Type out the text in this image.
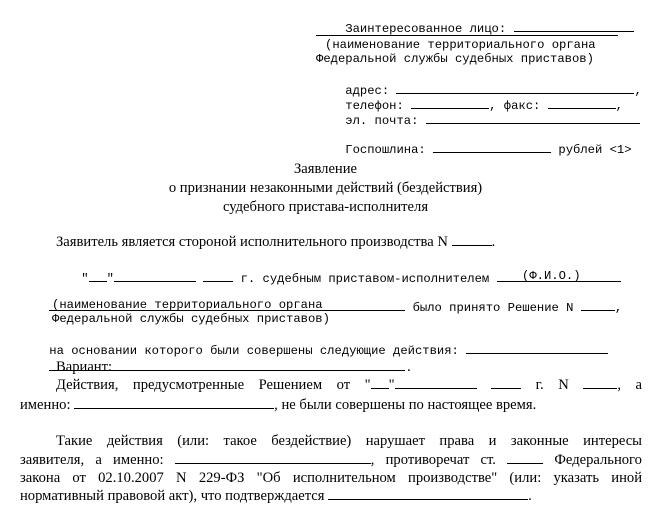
Заинтересованное лицо:

(наименование территориального органа
Федеральной службы судебных приставов)

адрес:	,

телефон:	, факс:	,

эл. почта:

Госпошлина:	рублей <1>

Заявление
о признании незаконными действий (бездействия)
судебного пристава-исполнителя
Заявитель является стороной исполнительного производства N	.

" "	г. судебным приставом-исполнителем
	(Ф.И.О.)

было принято Решение N	,

(наименование территориального органа
Федеральной службы судебных приставов)

на основании которого были совершены следующие действия:

.

Вариант:
Действия, предусмотренные Решением от " "	г. N	, а
именно:	, не были совершены по настоящее время.
Такие действия (или: такое бездействие) нарушает права и законные интересы
заявителя, а именно:	, противоречат ст.	Федерального
закона от 02.10.2007 N 229-ФЗ "Об исполнительном производстве" (или: указать иной
нормативный правовой акт), что подтверждается	.
